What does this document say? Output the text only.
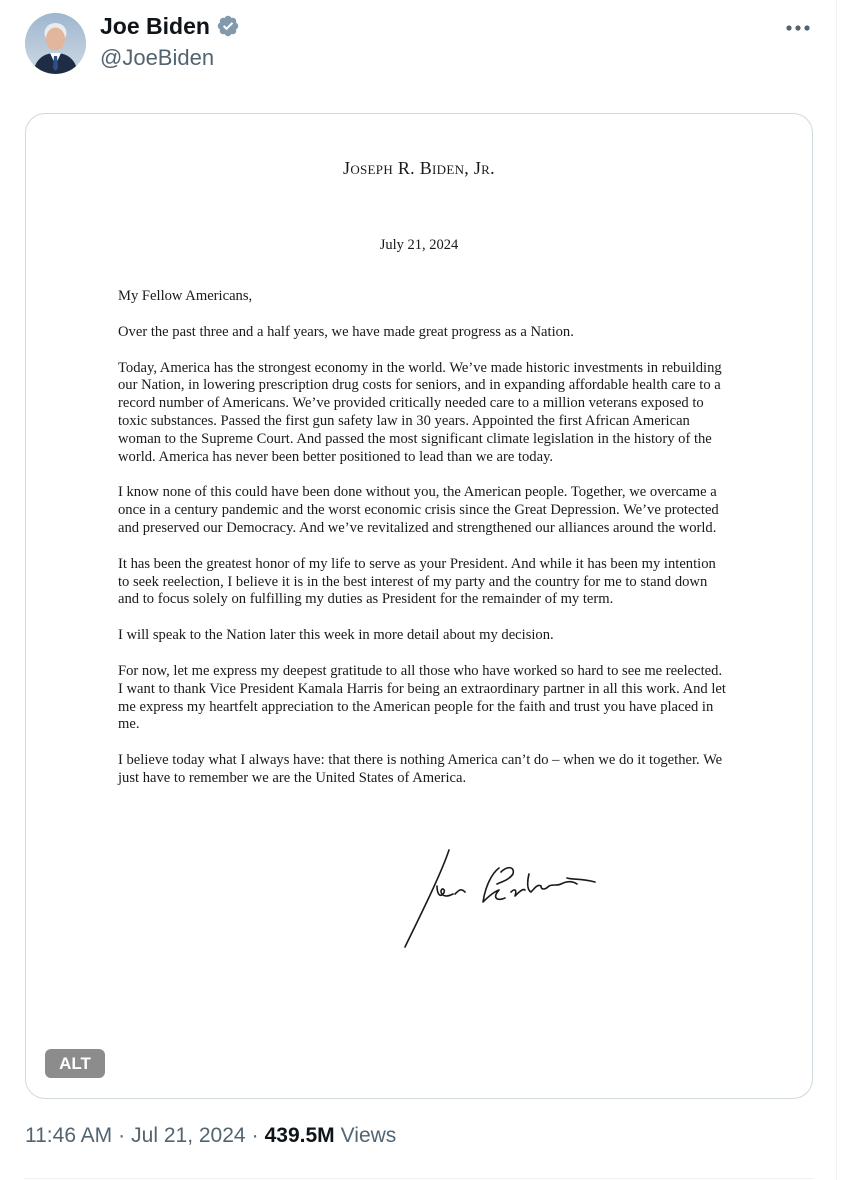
Joe Biden
@JoeBiden
Joseph R. Biden, Jr.
July 21, 2024

My Fellow Americans,

Over the past three and a half years, we have made great progress as a Nation.

Today, America has the strongest economy in the world. We’ve made historic investments in rebuilding our Nation, in lowering prescription drug costs for seniors, and in expanding affordable health care to a record number of Americans. We’ve provided critically needed care to a million veterans exposed to toxic substances. Passed the first gun safety law in 30 years. Appointed the first African American woman to the Supreme Court. And passed the most significant climate legislation in the history of the world. America has never been better positioned to lead than we are today.

I know none of this could have been done without you, the American people. Together, we overcame a once in a century pandemic and the worst economic crisis since the Great Depression. We’ve protected and preserved our Democracy. And we’ve revitalized and strengthened our alliances around the world.

It has been the greatest honor of my life to serve as your President. And while it has been my intention to seek reelection, I believe it is in the best interest of my party and the country for me to stand down and to focus solely on fulfilling my duties as President for the remainder of my term.

I will speak to the Nation later this week in more detail about my decision.

For now, let me express my deepest gratitude to all those who have worked so hard to see me reelected. I want to thank Vice President Kamala Harris for being an extraordinary partner in all this work. And let me express my heartfelt appreciation to the American people for the faith and trust you have placed in me.

I believe today what I always have: that there is nothing America can’t do – when we do it together. We just have to remember we are the United States of America.

ALT
11:46 AM · Jul 21, 2024 · 439.5M Views
